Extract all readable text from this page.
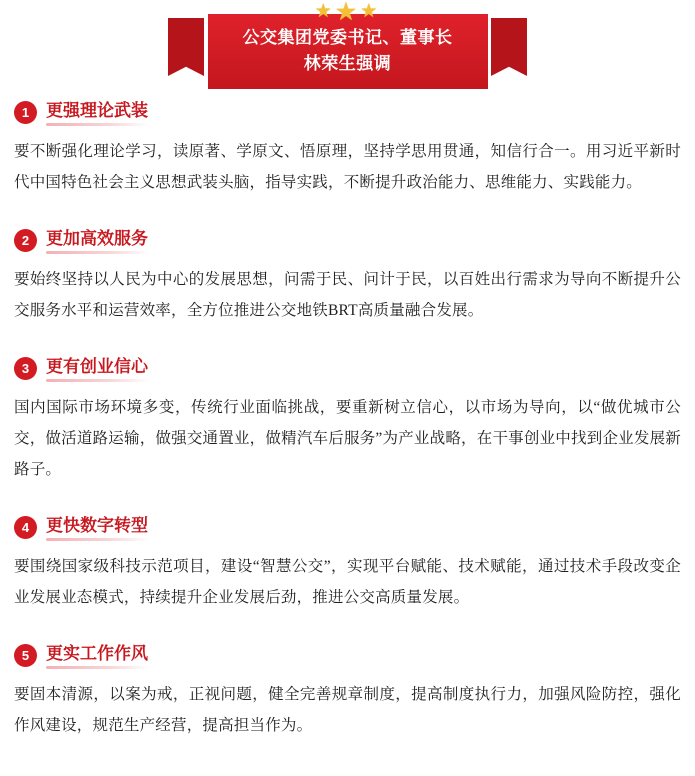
★★★
公交集团党委书记、董事长
林荣生强调
1 更强理论武装

要不断强化理论学习，读原著、学原文、悟原理，坚持学思用贯通，知信行合一。用习近平新时代中国特色社会主义思想武装头脑，指导实践，不断提升政治能力、思维能力、实践能力。

2 更加高效服务

要始终坚持以人民为中心的发展思想，问需于民、问计于民，以百姓出行需求为导向不断提升公交服务水平和运营效率，全方位推进公交地铁BRT高质量融合发展。

3 更有创业信心

国内国际市场环境多变，传统行业面临挑战，要重新树立信心，以市场为导向，以“做优城市公交，做活道路运输，做强交通置业，做精汽车后服务”为产业战略，在干事创业中找到企业发展新路子。

4 更快数字转型

要围绕国家级科技示范项目，建设“智慧公交”，实现平台赋能、技术赋能，通过技术手段改变企业发展业态模式，持续提升企业发展后劲，推进公交高质量发展。

5 更实工作作风

要固本清源，以案为戒，正视问题，健全完善规章制度，提高制度执行力，加强风险防控，强化作风建设，规范生产经营，提高担当作为。
